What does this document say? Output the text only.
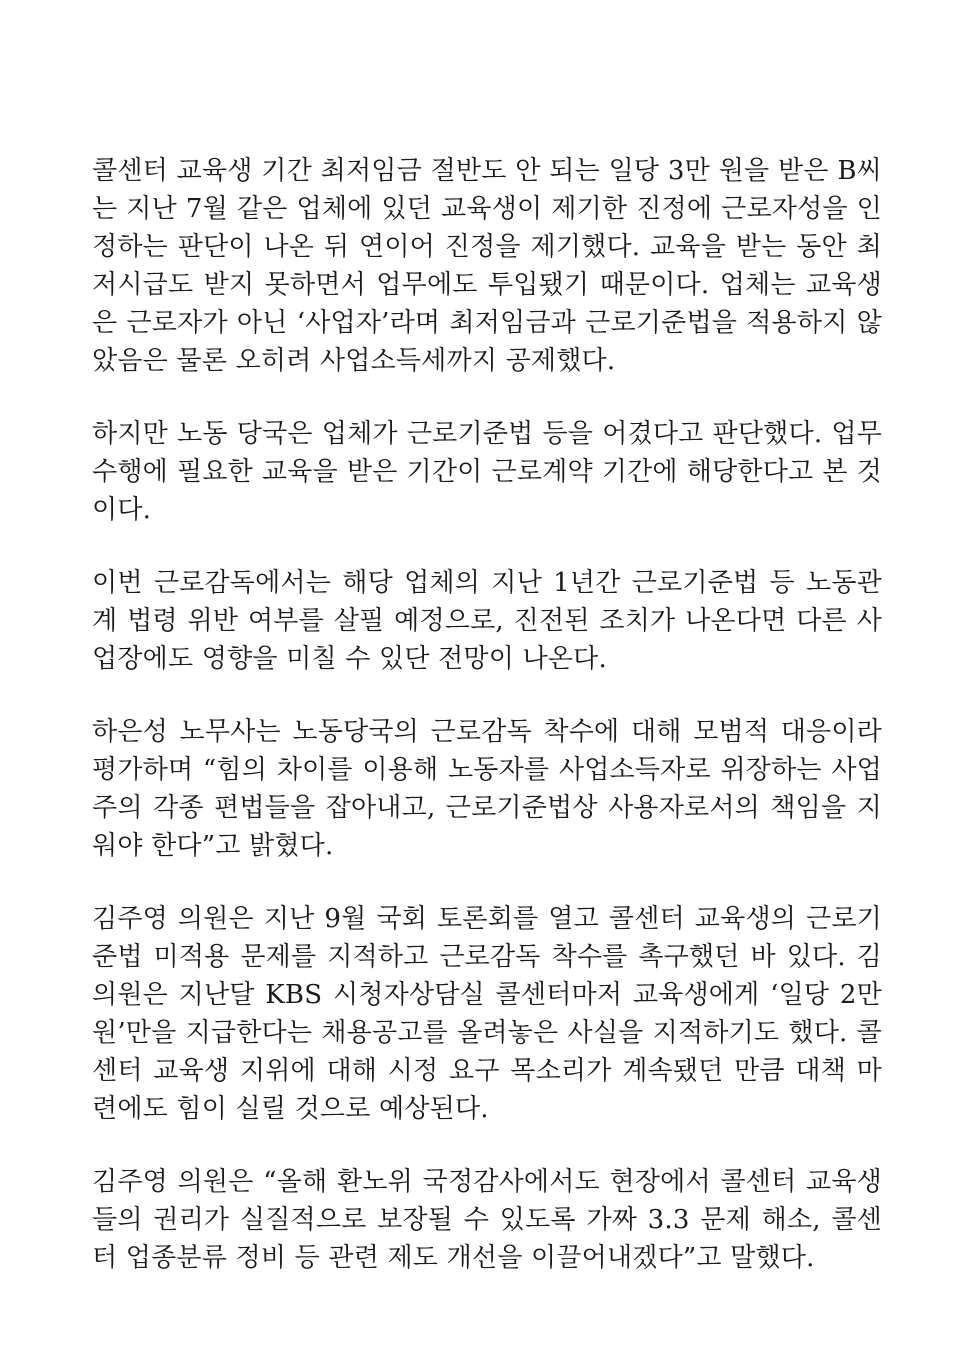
콜센터 교육생 기간 최저임금 절반도 안 되는 일당 3만 원을 받은 B씨는 지난 7월 같은 업체에 있던 교육생이 제기한 진정에 근로자성을 인정하는 판단이 나온 뒤 연이어 진정을 제기했다. 교육을 받는 동안 최저시급도 받지 못하면서 업무에도 투입됐기 때문이다. 업체는 교육생은 근로자가 아닌 ‘사업자’라며 최저임금과 근로기준법을 적용하지 않았음은 물론 오히려 사업소득세까지 공제했다.

하지만 노동 당국은 업체가 근로기준법 등을 어겼다고 판단했다. 업무수행에 필요한 교육을 받은 기간이 근로계약 기간에 해당한다고 본 것이다.

이번 근로감독에서는 해당 업체의 지난 1년간 근로기준법 등 노동관계 법령 위반 여부를 살필 예정으로, 진전된 조치가 나온다면 다른 사업장에도 영향을 미칠 수 있단 전망이 나온다.

하은성 노무사는 노동당국의 근로감독 착수에 대해 모범적 대응이라 평가하며 “힘의 차이를 이용해 노동자를 사업소득자로 위장하는 사업주의 각종 편법들을 잡아내고, 근로기준법상 사용자로서의 책임을 지워야 한다”고 밝혔다.

김주영 의원은 지난 9월 국회 토론회를 열고 콜센터 교육생의 근로기준법 미적용 문제를 지적하고 근로감독 착수를 촉구했던 바 있다. 김 의원은 지난달 KBS 시청자상담실 콜센터마저 교육생에게 ‘일당 2만원’만을 지급한다는 채용공고를 올려놓은 사실을 지적하기도 했다. 콜센터 교육생 지위에 대해 시정 요구 목소리가 계속됐던 만큼 대책 마련에도 힘이 실릴 것으로 예상된다.

김주영 의원은 “올해 환노위 국정감사에서도 현장에서 콜센터 교육생들의 권리가 실질적으로 보장될 수 있도록 가짜 3.3 문제 해소, 콜센터 업종분류 정비 등 관련 제도 개선을 이끌어내겠다”고 말했다.
